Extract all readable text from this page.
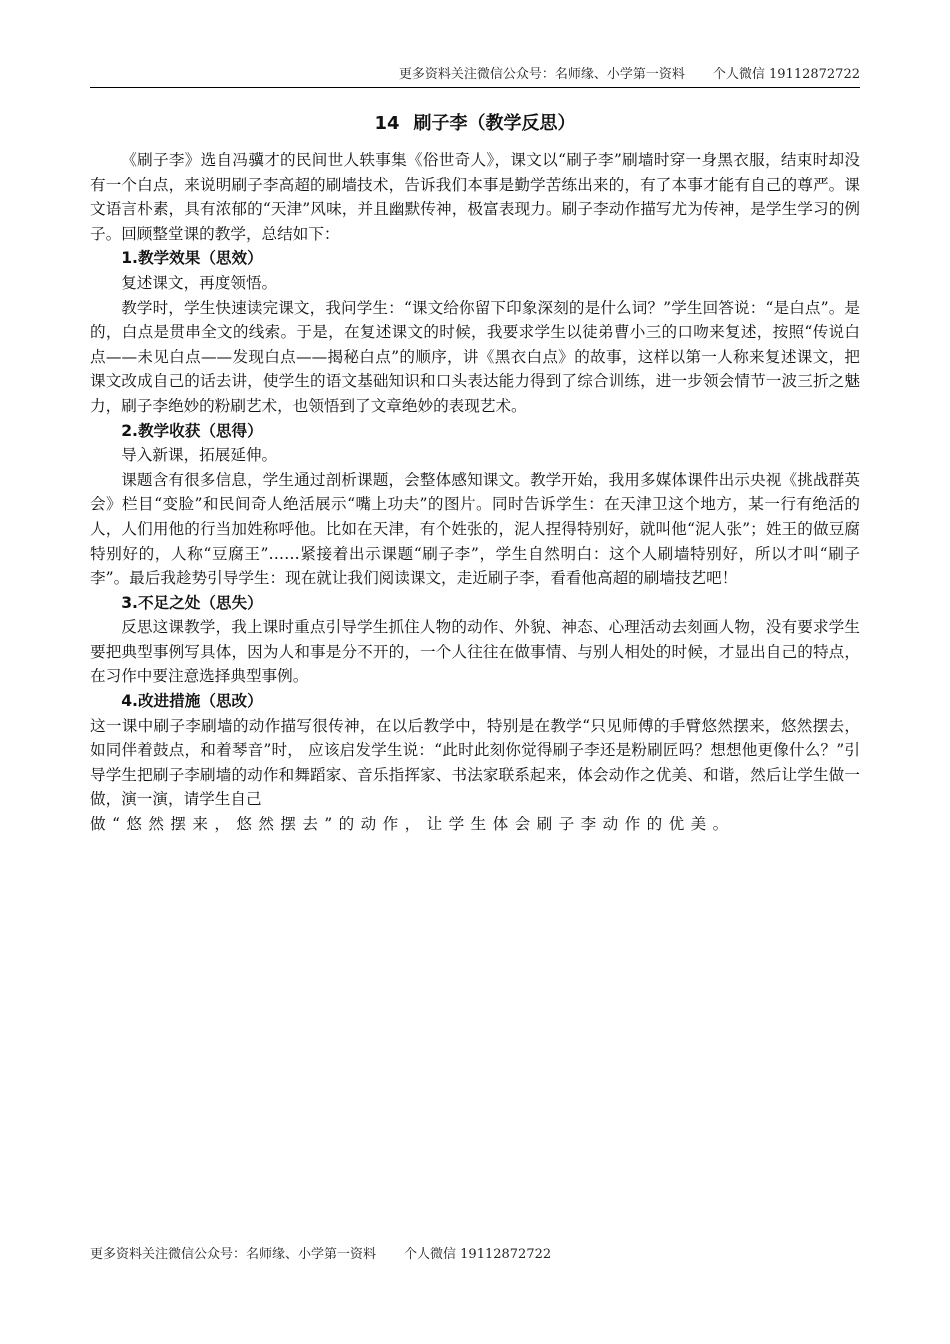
更多资料关注微信公众号：名师缘、小学第一资料 个人微信 19112872722
14 刷子李（教学反思）

《刷子李》选自冯骥才的民间世人轶事集《俗世奇人》，课文以“刷子李”刷墙时穿一身黑衣服，结束时却没有一个白点，来说明刷子李高超的刷墙技术，告诉我们本事是勤学苦练出来的，有了本事才能有自己的尊严。课文语言朴素，具有浓郁的“天津”风味，并且幽默传神，极富表现力。刷子李动作描写尤为传神，是学生学习的例子。回顾整堂课的教学，总结如下：

1.教学效果（思效）

复述课文，再度领悟。

教学时，学生快速读完课文，我问学生：“课文给你留下印象深刻的是什么词？”学生回答说：“是白点”。是的，白点是贯串全文的线索。于是，在复述课文的时候，我要求学生以徒弟曹小三的口吻来复述，按照“传说白点——未见白点——发现白点——揭秘白点”的顺序，讲《黑衣白点》的故事，这样以第一人称来复述课文，把课文改成自己的话去讲，使学生的语文基础知识和口头表达能力得到了综合训练，进一步领会情节一波三折之魅力，刷子李绝妙的粉刷艺术，也领悟到了文章绝妙的表现艺术。

2.教学收获（思得）

导入新课，拓展延伸。

课题含有很多信息，学生通过剖析课题，会整体感知课文。教学开始，我用多媒体课件出示央视《挑战群英会》栏目“变脸”和民间奇人绝活展示“嘴上功夫”的图片。同时告诉学生：在天津卫这个地方，某一行有绝活的人，人们用他的行当加姓称呼他。比如在天津，有个姓张的，泥人捏得特别好，就叫他“泥人张”；姓王的做豆腐特别好的，人称“豆腐王”……紧接着出示课题“刷子李”，学生自然明白：这个人刷墙特别好，所以才叫“刷子李”。最后我趁势引导学生：现在就让我们阅读课文，走近刷子李，看看他高超的刷墙技艺吧！

3.不足之处（思失）

反思这课教学，我上课时重点引导学生抓住人物的动作、外貌、神态、心理活动去刻画人物，没有要求学生要把典型事例写具体，因为人和事是分不开的，一个人往往在做事情、与别人相处的时候，才显出自己的特点，在习作中要注意选择典型事例。

4.改进措施（思改）

这一课中刷子李刷墙的动作描写很传神，在以后教学中，特别是在教学“只见师傅的手臂悠然摆来，悠然摆去，如同伴着鼓点，和着琴音”时， 应该启发学生说：“此时此刻你觉得刷子李还是粉刷匠吗？想想他更像什么？”引导学生把刷子李刷墙的动作和舞蹈家、音乐指挥家、书法家联系起来，体会动作之优美、和谐，然后让学生做一做，演一演，请学生自己

做“悠然摆来，悠然摆去”的动作，让学生体会刷子李动作的优美。

更多资料关注微信公众号：名师缘、小学第一资料 个人微信 19112872722
